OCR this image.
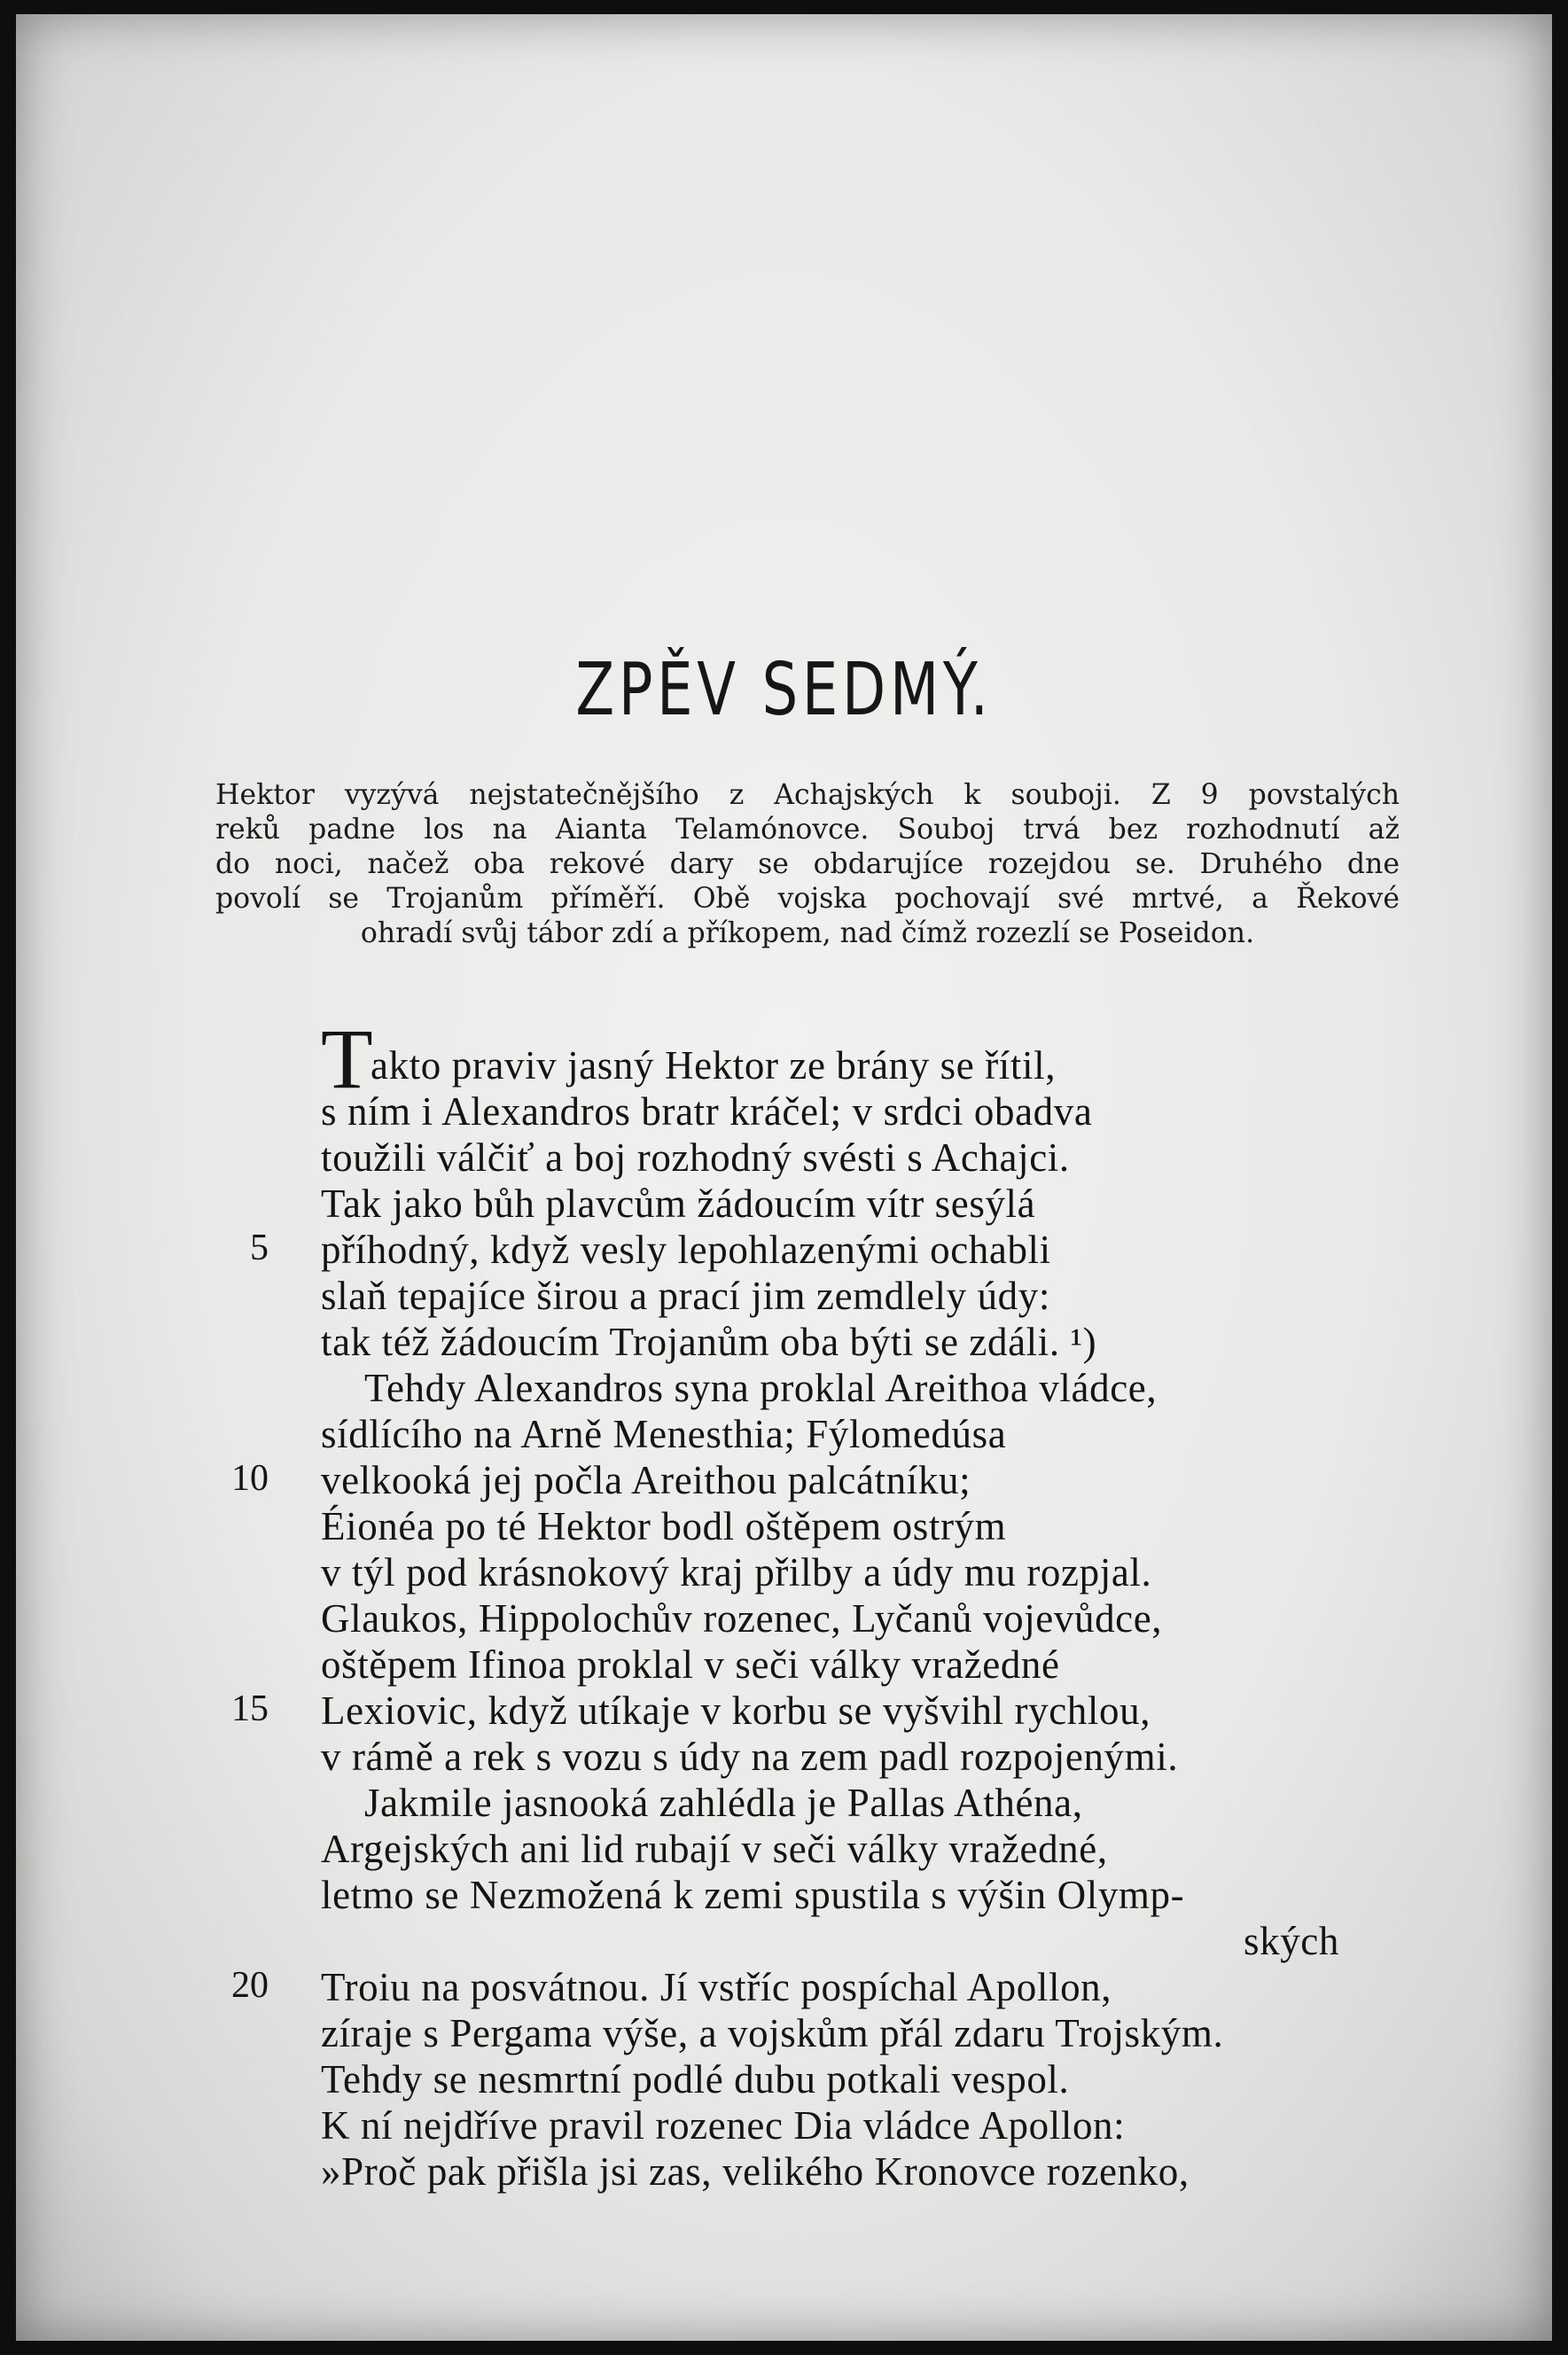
ZPĚV SEDMÝ.
Hektor vyzývá nejstatečnějšího z Achajských k souboji. Z 9 povstalých
reků padne los na Aianta Telamónovce. Souboj trvá bez rozhodnutí až
do noci, načež oba rekové dary se obdarujíce rozejdou se. Druhého dne
povolí se Trojanům příměří. Obě vojska pochovají své mrtvé, a Řekové
ohradí svůj tábor zdí a příkopem, nad čímž rozezlí se Poseidon.
T
akto praviv jasný Hektor ze brány se řítil,
s ním i Alexandros bratr kráčel; v srdci obadva
toužili válčiť a boj rozhodný svésti s Achajci.
Tak jako bůh plavcům žádoucím vítr sesýlá
5 příhodný, když vesly lepohlazenými ochabli
slaň tepajíce širou a prací jim zemdlely údy:
tak též žádoucím Trojanům oba býti se zdáli. ¹)
Tehdy Alexandros syna proklal Areithoa vládce,
sídlícího na Arně Menesthia; Fýlomedúsa
10 velkooká jej počla Areithou palcátníku;
Éionéa po té Hektor bodl oštěpem ostrým
v týl pod krásnokový kraj přilby a údy mu rozpjal.
Glaukos, Hippolochův rozenec, Lyčanů vojevůdce,
oštěpem Ifinoa proklal v seči války vražedné
15 Lexiovic, když utíkaje v korbu se vyšvihl rychlou,
v rámě a rek s vozu s údy na zem padl rozpojenými.
Jakmile jasnooká zahlédla je Pallas Athéna,
Argejských ani lid rubají v seči války vražedné,
letmo se Nezmožená k zemi spustila s výšin Olymp-
ských
20 Troiu na posvátnou. Jí vstříc pospíchal Apollon,
zíraje s Pergama výše, a vojskům přál zdaru Trojským.
Tehdy se nesmrtní podlé dubu potkali vespol.
K ní nejdříve pravil rozenec Dia vládce Apollon:
»Proč pak přišla jsi zas, velikého Kronovce rozenko,
